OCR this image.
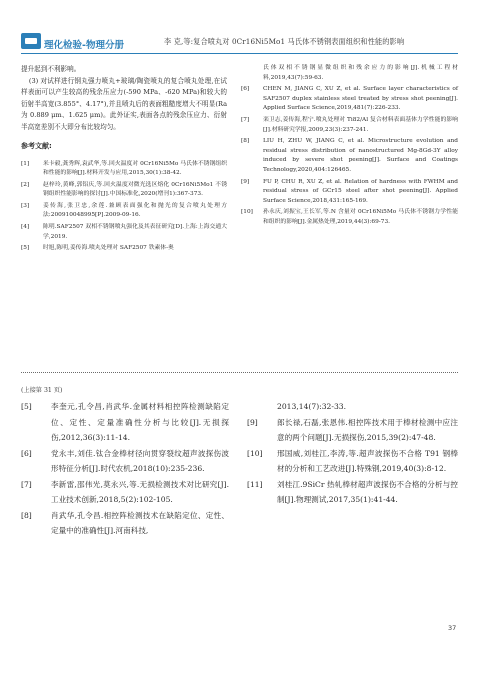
理化检验-物理分册	李 克,等:复合喷丸对 0Cr16Ni5Mo1 马氏体不锈钢表面组织和性能的影响

提升起到不利影响。

(3) 对试样进行钢丸强力喷丸+玻璃/陶瓷喷丸的复合喷丸处理,在试样表面可以产生较高的残余压应力(-590 MPa、-620 MPa)和较大的衍射半高宽(3.855°、4.17°),并且喷丸后的表面粗糙度增大不明显(Ra 为 0.889 μm、1.625 μm)。此外证实,表面各点的残余压应力、衍射半高宽差别不大即分布比较均匀。

参考文献:
[1]	米卡毅,龚秀辉,袁武华,等.回火温度对 0Cr16Ni5Mo 马氏体不锈钢组织和性能的影响[J].材料开发与应用,2015,30(1):38-42.
[2]	赵梓玲,黄峰,郭铝庆,等.回火温度对微光选区熔化 0Cr16Ni5Mo1 不锈钢组织性能影响的探讨[J].中国标准化,2020(增刊1):367-373.
[3]	姜传海,张卫忠,余莲.兼顾表面强化和抛光的复合喷丸处理方法:200910048995[P].2009-09-16.
[4]	陈明.SAF2507 双相不锈钢喷丸强化及其表征研究[D].上海:上海交通大学,2019.
[5]	时旭,陈明,姜传海.喷丸处理对 SAF2507 铁素体-奥
氏体双相不锈钢显微组织和残余应力的影响[J].机械工程材料,2019,43(7):59-63.
[6]	CHEN M, JIANG C, XU Z, et al. Surface layer characteristics of SAF2507 duplex stainless steel treated by stress shot peening[J]. Applied Surface Science,2019,481(7):226-233.
[7]	栾卫志,姜传海,程宁.喷丸处理对 Ti82/Al 复合材料表面基体力学性能的影响[J].材料研究学报,2009,23(3):237-241.
[8]	LIU H, ZHU W, JIANG C, et al. Microstructure evolution and residual stress distribution of nanostructured Mg-8Gd-3Y alloy induced by severe shot peening[J]. Surface and Coatings Technology,2020,404:126465.
[9]	FU P, CHU R, XU Z, et al. Relation of hardness with FWHM and residual stress of GCr15 steel after shot peening[J]. Applied Surface Science,2018,431:165-169.
[10]	孙永庆,刘振宝,王长军,等.N 含量对 0Cr16Ni5Mo 马氏体不锈钢力学性能和组织的影响[J].金属热处理,2019,44(3):69-73.
(上接第 31 页)
[5]	李奎元,孔令昌,肖武华.金属材料相控阵检测缺陷定位、定性、定量准确性分析与比较[J].无损探伤,2012,36(3):11-14.
[6]	党永丰,刘佳.钛合金棒材径向贯穿裂纹超声波探伤波形特征分析[J].时代农机,2018(10):235-236.
[7]	李新雷,邵伟光,莫永兴,等.无损检测技术对比研究[J].工业技术创新,2018,5(2):102-105.
[8]	肖武华,孔令昌.相控阵检测技术在缺陷定位、定性、定量中的准确性[J].河南科技,
2013,14(7):32-33.
[9]	郎长禄,石磊,张恩伟.相控阵技术用于棒材检测中应注意的两个问题[J].无损探伤,2015,39(2):47-48.
[10]	邢国威,刘桂江,李涛,等.超声波探伤不合格 T91 钢棒材的分析和工艺改进[J].特殊钢,2019,40(3):8-12.
[11]	刘桂江.9SiCr 热轧棒材超声波探伤不合格的分析与控制[J].物理测试,2017,35(1):41-44.
37
